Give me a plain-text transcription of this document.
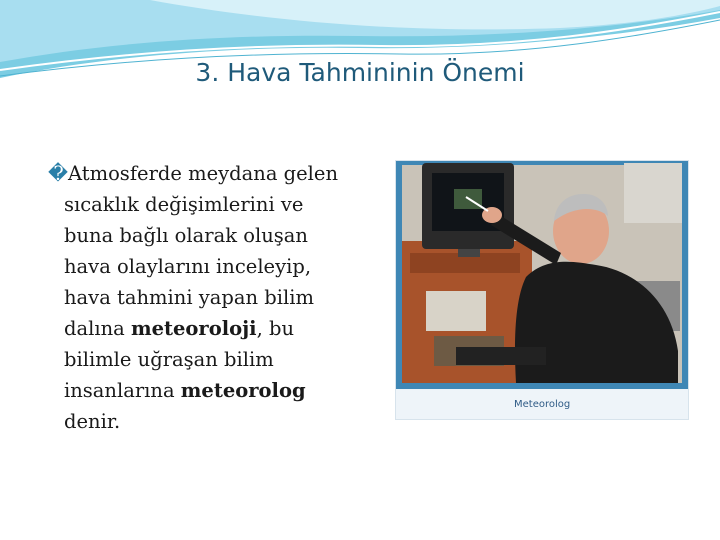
3. Hava Tahmininin Önemi
�Atmosferde meydana gelen
sıcaklık değişimlerini ve
buna bağlı olarak oluşan
hava olaylarını inceleyip,
hava tahmini yapan bilim
dalına meteoroloji, bu
bilimle uğraşan bilim
insanlarına meteorolog
denir.
Meteorolog
